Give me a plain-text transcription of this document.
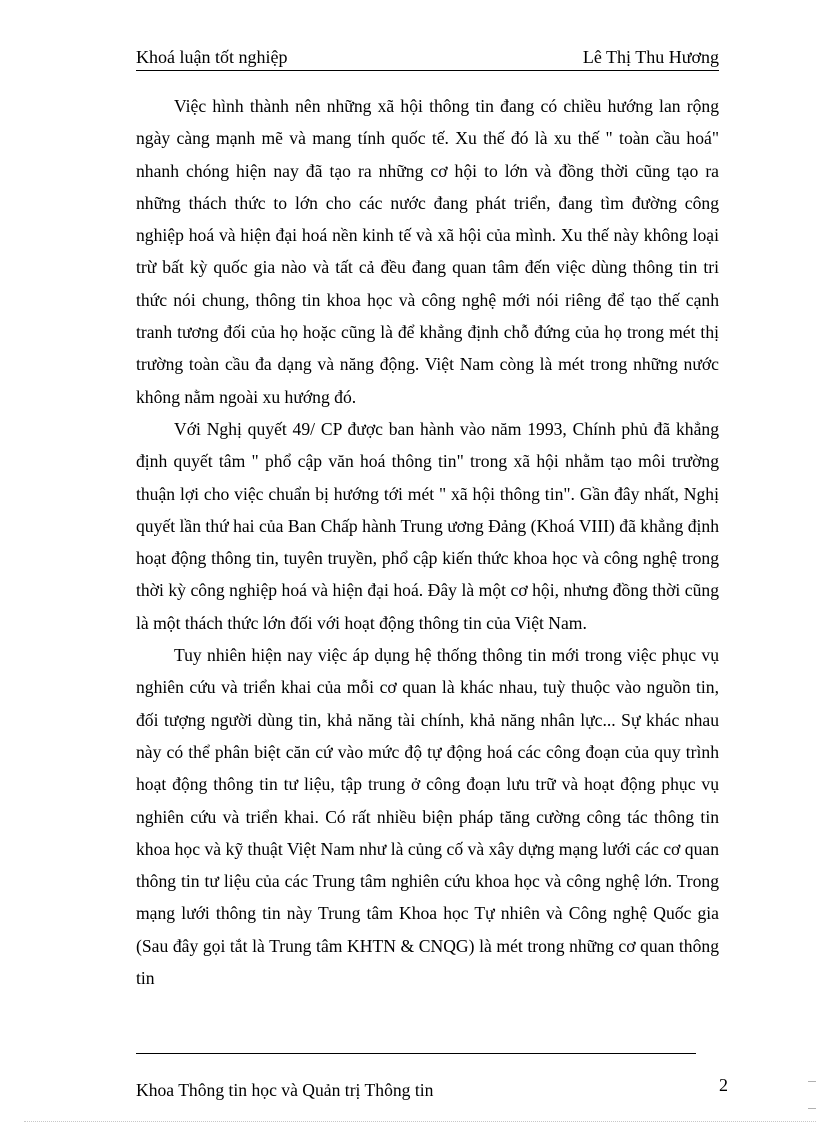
Khoá luận tốt nghiệp	Lê Thị Thu Hương

Việc hình thành nên những xã hội thông tin đang có chiều hướng lan rộng ngày càng mạnh mẽ và mang tính quốc tế. Xu thế đó là xu thế " toàn cầu hoá" nhanh chóng hiện nay đã tạo ra những cơ hội to lớn và đồng thời cũng tạo ra những thách thức to lớn cho các nước đang phát triển, đang tìm đường công nghiệp hoá và hiện đại hoá nền kinh tế và xã hội của mình. Xu thế này không loại trừ bất kỳ quốc gia nào và tất cả đều đang quan tâm đến việc dùng thông tin tri thức nói chung, thông tin khoa học và công nghệ mới nói riêng để tạo thế cạnh tranh tương đối của họ hoặc cũng là để khẳng định chỗ đứng của họ trong mét thị trường toàn cầu đa dạng và năng động. Việt Nam còng là mét trong những nước không nằm ngoài xu hướng đó.

Với Nghị quyết 49/ CP được ban hành vào năm 1993, Chính phủ đã khẳng định quyết tâm " phổ cập văn hoá thông tin" trong xã hội nhằm tạo môi trường thuận lợi cho việc chuẩn bị hướng tới mét " xã hội thông tin". Gần đây nhất, Nghị quyết lần thứ hai của Ban Chấp hành Trung ương Đảng (Khoá VIII) đã khẳng định hoạt động thông tin, tuyên truyền, phổ cập kiến thức khoa học và công nghệ trong thời kỳ công nghiệp hoá và hiện đại hoá. Đây là một cơ hội, nhưng đồng thời cũng là một thách thức lớn đối với hoạt động thông tin của Việt Nam.

Tuy nhiên hiện nay việc áp dụng hệ thống thông tin mới trong việc phục vụ nghiên cứu và triển khai của mỗi cơ quan là khác nhau, tuỳ thuộc vào nguồn tin, đối tượng người dùng tin, khả năng tài chính, khả năng nhân lực... Sự khác nhau này có thể phân biệt căn cứ vào mức độ tự động hoá các công đoạn của quy trình hoạt động thông tin tư liệu, tập trung ở công đoạn lưu trữ và hoạt động phục vụ nghiên cứu và triển khai. Có rất nhiều biện pháp tăng cường công tác thông tin khoa học và kỹ thuật Việt Nam như là củng cố và xây dựng mạng lưới các cơ quan thông tin tư liệu của các Trung tâm nghiên cứu khoa học và công nghệ lớn. Trong mạng lưới thông tin này Trung tâm Khoa học Tự nhiên và Công nghệ Quốc gia (Sau đây gọi tắt là Trung tâm KHTN & CNQG) là mét trong những cơ quan thông tin

Khoa Thông tin học và Quản trị Thông tin	2
